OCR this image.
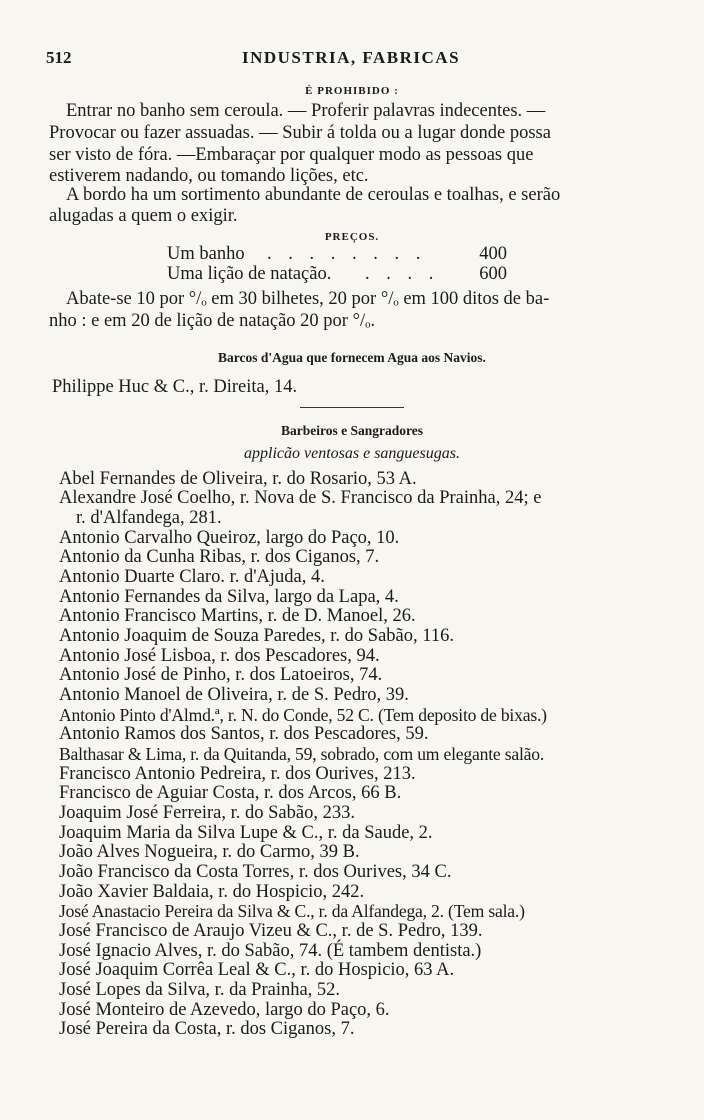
512	INDUSTRIA, FABRICAS
É PROHIBIDO :
Entrar no banho sem ceroula. — Proferir palavras indecentes. —
Provocar ou fazer assuadas. — Subir á tolda ou a lugar donde possa
ser visto de fóra. —Embaraçar por qualquer modo as pessoas que
estiverem nadando, ou tomando lições, etc.
A bordo ha um sortimento abundante de ceroulas e toalhas, e serão
alugadas a quem o exigir.
PREÇOS.
Um banho . . . . . . . .	400
Uma lição de natação. . . . . 600
Abate-se 10 por °/ₒ em 30 bilhetes, 20 por °/ₒ em 100 ditos de ba-
nho : e em 20 de lição de natação 20 por °/ₒ.
Barcos d'Agua que fornecem Agua aos Navios.
Philippe Huc & C., r. Direita, 14.
Barbeiros e Sangradores
applicão ventosas e sanguesugas.
Abel Fernandes de Oliveira, r. do Rosario, 53 A.
Alexandre José Coelho, r. Nova de S. Francisco da Prainha, 24; e
r. d'Alfandega, 281.
Antonio Carvalho Queiroz, largo do Paço, 10.
Antonio da Cunha Ribas, r. dos Ciganos, 7.
Antonio Duarte Claro. r. d'Ajuda, 4.
Antonio Fernandes da Silva, largo da Lapa, 4.
Antonio Francisco Martins, r. de D. Manoel, 26.
Antonio Joaquim de Souza Paredes, r. do Sabão, 116.
Antonio José Lisboa, r. dos Pescadores, 94.
Antonio José de Pinho, r. dos Latoeiros, 74.
Antonio Manoel de Oliveira, r. de S. Pedro, 39.
Antonio Pinto d'Almd.ª, r. N. do Conde, 52 C. (Tem deposito de bixas.)
Antonio Ramos dos Santos, r. dos Pescadores, 59.
Balthasar & Lima, r. da Quitanda, 59, sobrado, com um elegante salão.
Francisco Antonio Pedreira, r. dos Ourives, 213.
Francisco de Aguiar Costa, r. dos Arcos, 66 B.
Joaquim José Ferreira, r. do Sabão, 233.
Joaquim Maria da Silva Lupe & C., r. da Saude, 2.
João Alves Nogueira, r. do Carmo, 39 B.
João Francisco da Costa Torres, r. dos Ourives, 34 C.
João Xavier Baldaia, r. do Hospicio, 242.
José Anastacio Pereira da Silva & C., r. da Alfandega, 2. (Tem sala.)
José Francisco de Araujo Vizeu & C., r. de S. Pedro, 139.
José Ignacio Alves, r. do Sabão, 74. (É tambem dentista.)
José Joaquim Corrêa Leal & C., r. do Hospicio, 63 A.
José Lopes da Silva, r. da Prainha, 52.
José Monteiro de Azevedo, largo do Paço, 6.
José Pereira da Costa, r. dos Ciganos, 7.
